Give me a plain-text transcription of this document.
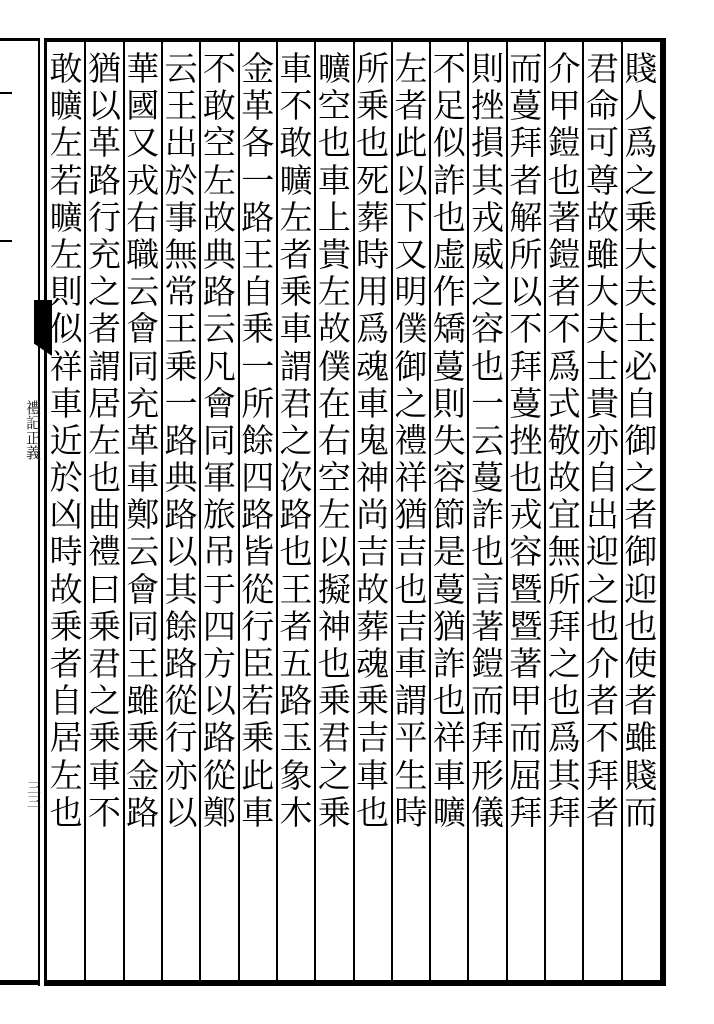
禮記正義
三三
賤
人
爲
之
乗
大
夫
士
必
自
御
之
者
御
迎
也
使
者
雖
賤
而
君
命
可
尊
故
雖
大
夫
士
貴
亦
自
出
迎
之
也
介
者
不
拜
者
介
甲
鎧
也
著
鎧
者
不
爲
式
敬
故
宜
無
所
拜
之
也
爲
其
拜
而
蔓
拜
者
解
所
以
不
拜
蔓
挫
也
戎
容
暨
暨
著
甲
而
屈
拜
則
挫
損
其
戎
威
之
容
也
一
云
蔓
詐
也
言
著
鎧
而
拜
形
儀
不
足
似
詐
也
虚
作
矯
蔓
則
失
容
節
是
蔓
猶
詐
也
祥
車
曠
左
者
此
以
下
又
明
僕
御
之
禮
祥
猶
吉
也
吉
車
謂
平
生
時
所
乗
也
死
葬
時
用
爲
魂
車
鬼
神
尚
吉
故
葬
魂
乗
吉
車
也
曠
空
也
車
上
貴
左
故
僕
在
右
空
左
以
擬
神
也
乗
君
之
乗
車
不
敢
曠
左
者
乗
車
謂
君
之
次
路
也
王
者
五
路
玉
象
木
金
革
各
一
路
王
自
乗
一
所
餘
四
路
皆
從
行
臣
若
乗
此
車
不
敢
空
左
故
典
路
云
凡
會
同
軍
旅
吊
于
四
方
以
路
從
鄭
云
王
出
於
事
無
常
王
乗
一
路
典
路
以
其
餘
路
從
行
亦
以
華
國
又
戎
右
職
云
會
同
充
革
車
鄭
云
會
同
王
雖
乗
金
路
猶
以
革
路
行
充
之
者
謂
居
左
也
曲
禮
曰
乗
君
之
乗
車
不
敢
曠
左
若
曠
左
則
似
祥
車
近
於
凶
時
故
乗
者
自
居
左
也
